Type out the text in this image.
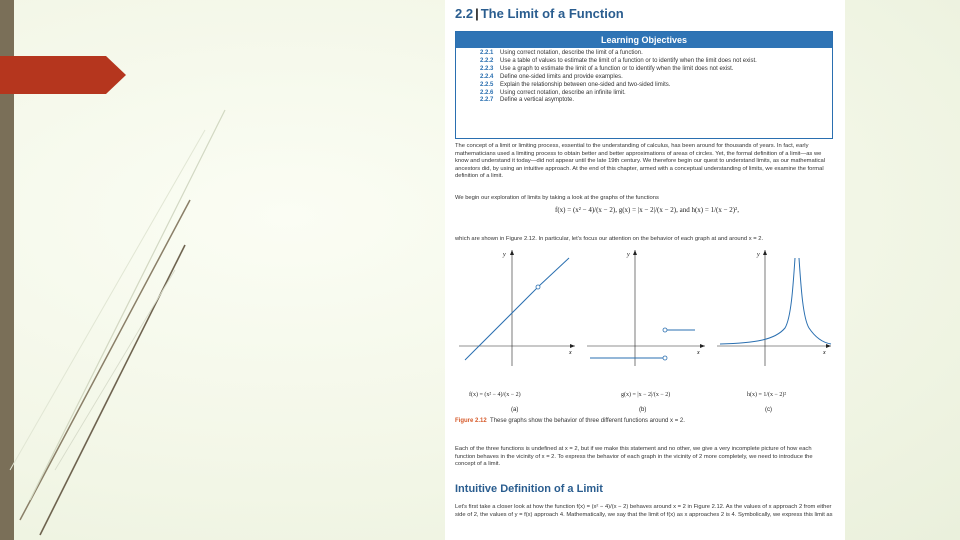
2.2 | The Limit of a Function
Learning Objectives
2.2.1	Using correct notation, describe the limit of a function.
2.2.2	Use a table of values to estimate the limit of a function or to identify when the limit does not exist.
2.2.3	Use a graph to estimate the limit of a function or to identify when the limit does not exist.
2.2.4	Define one-sided limits and provide examples.
2.2.5	Explain the relationship between one-sided and two-sided limits.
2.2.6	Using correct notation, describe an infinite limit.
2.2.7	Define a vertical asymptote.
The concept of a limit or limiting process, essential to the understanding of calculus, has been around for thousands of years. In fact, early mathematicians used a limiting process to obtain better and better approximations of areas of circles. Yet, the formal definition of a limit—as we know and understand it today—did not appear until the late 19th century. We therefore begin our quest to understand limits, as our mathematical ancestors did, by using an intuitive approach. At the end of this chapter, armed with a conceptual understanding of limits, we examine the formal definition of a limit.
We begin our exploration of limits by taking a look at the graphs of the functions
f(x) = (x² − 4)/(x − 2), g(x) = |x − 2|/(x − 2), and h(x) = 1/(x − 2)²,
which are shown in Figure 2.12. In particular, let's focus our attention on the behavior of each graph at and around x = 2.
y
x
y
x
y
x
f(x) = (x² − 4)/(x − 2)	g(x) = |x − 2|/(x − 2)	h(x) = 1/(x − 2)²
(a)	(b)	(c)
Figure 2.12 These graphs show the behavior of three different functions around x = 2.
Each of the three functions is undefined at x = 2, but if we make this statement and no other, we give a very incomplete picture of how each function behaves in the vicinity of x = 2. To express the behavior of each graph in the vicinity of 2 more completely, we need to introduce the concept of a limit.
Intuitive Definition of a Limit
Let's first take a closer look at how the function f(x) = (x² − 4)/(x − 2) behaves around x = 2 in Figure 2.12. As the values of x approach 2 from either side of 2, the values of y = f(x) approach 4. Mathematically, we say that the limit of f(x) as x approaches 2 is 4. Symbolically, we express this limit as
